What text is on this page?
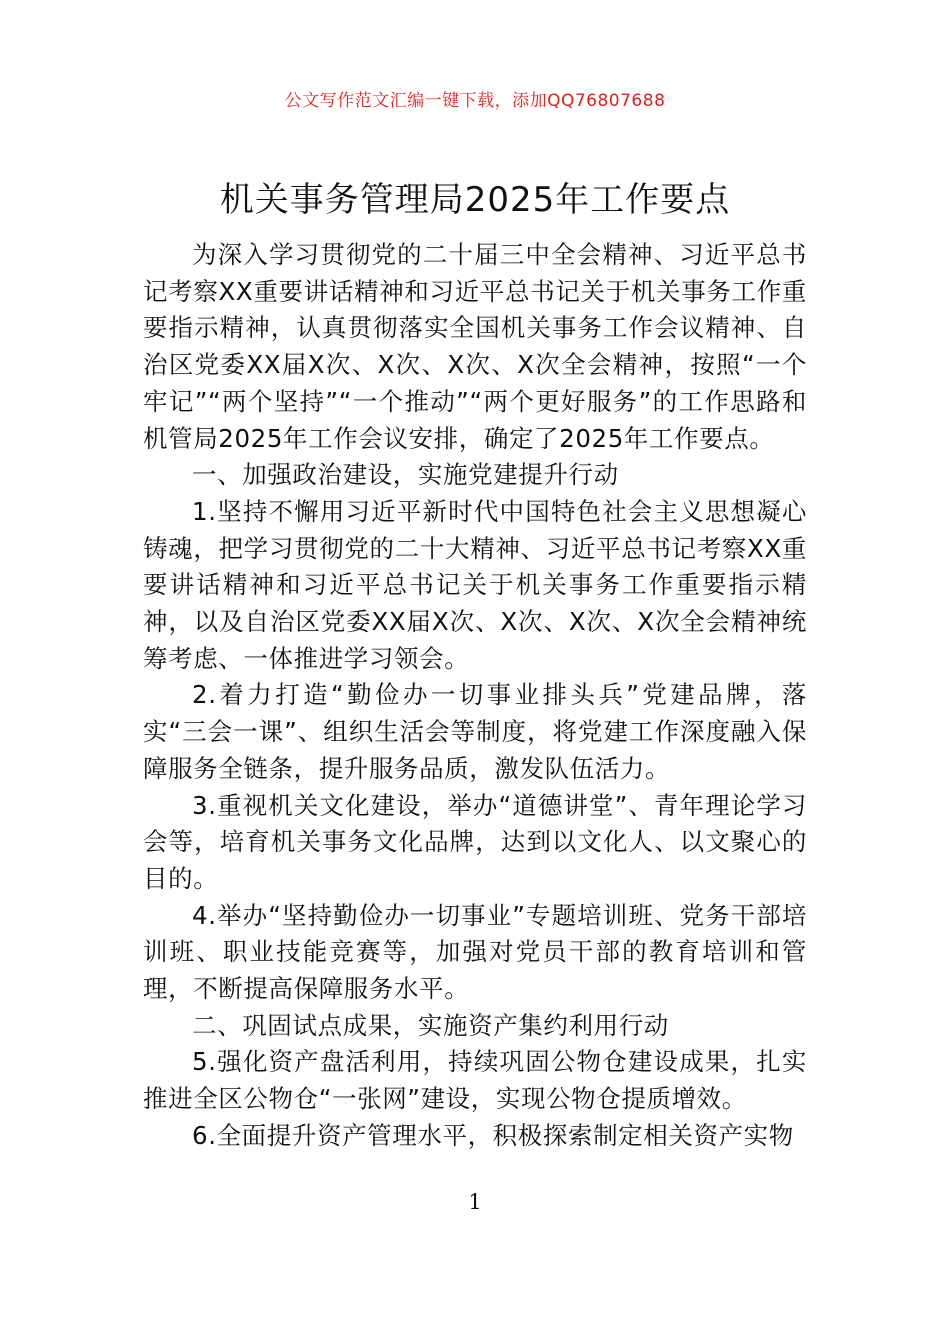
公文写作范文汇编一键下载，添加QQ76807688
机关事务管理局2025年工作要点

为深入学习贯彻党的二十届三中全会精神、习近平总书记考察XX重要讲话精神和习近平总书记关于机关事务工作重要指示精神，认真贯彻落实全国机关事务工作会议精神、自治区党委XX届X次、X次、X次、X次全会精神，按照“一个牢记”“两个坚持”“一个推动”“两个更好服务”的工作思路和机管局2025年工作会议安排，确定了2025年工作要点。

一、加强政治建设，实施党建提升行动

1.坚持不懈用习近平新时代中国特色社会主义思想凝心铸魂，把学习贯彻党的二十大精神、习近平总书记考察XX重要讲话精神和习近平总书记关于机关事务工作重要指示精神，以及自治区党委XX届X次、X次、X次、X次全会精神统筹考虑、一体推进学习领会。

2.着力打造“勤俭办一切事业排头兵”党建品牌，落实“三会一课”、组织生活会等制度，将党建工作深度融入保障服务全链条，提升服务品质，激发队伍活力。

3.重视机关文化建设，举办“道德讲堂”、青年理论学习会等，培育机关事务文化品牌，达到以文化人、以文聚心的目的。

4.举办“坚持勤俭办一切事业”专题培训班、党务干部培训班、职业技能竞赛等，加强对党员干部的教育培训和管理，不断提高保障服务水平。

二、巩固试点成果，实施资产集约利用行动

5.强化资产盘活利用，持续巩固公物仓建设成果，扎实推进全区公物仓“一张网”建设，实现公物仓提质增效。

6.全面提升资产管理水平，积极探索制定相关资产实物

1
